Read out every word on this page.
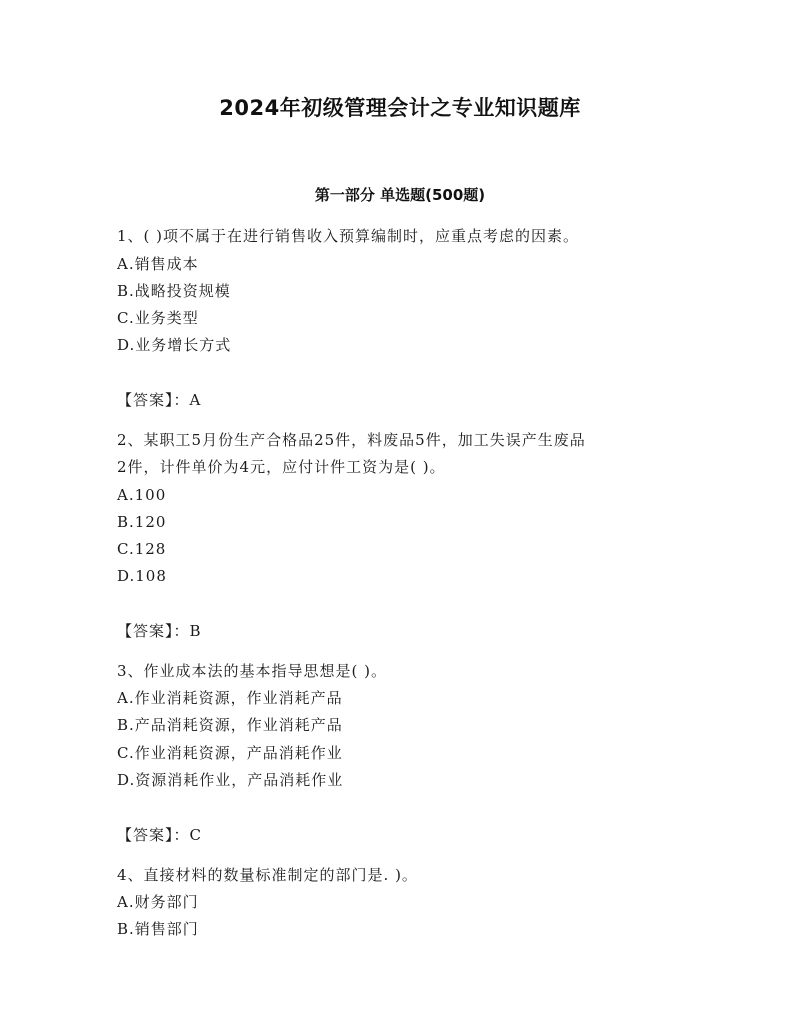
2024年初级管理会计之专业知识题库
第一部分 单选题(500题)
1、( )项不属于在进行销售收入预算编制时，应重点考虑的因素。
A.销售成本
B.战略投资规模
C.业务类型
D.业务增长方式
【答案】：A
2、某职工5月份生产合格品25件，料废品5件，加工失误产生废品
2件，计件单价为4元，应付计件工资为是( )。
A.100
B.120
C.128
D.108
【答案】：B
3、作业成本法的基本指导思想是( )。
A.作业消耗资源，作业消耗产品
B.产品消耗资源，作业消耗产品
C.作业消耗资源，产品消耗作业
D.资源消耗作业，产品消耗作业
【答案】：C
4、直接材料的数量标准制定的部门是. )。
A.财务部门
B.销售部门
